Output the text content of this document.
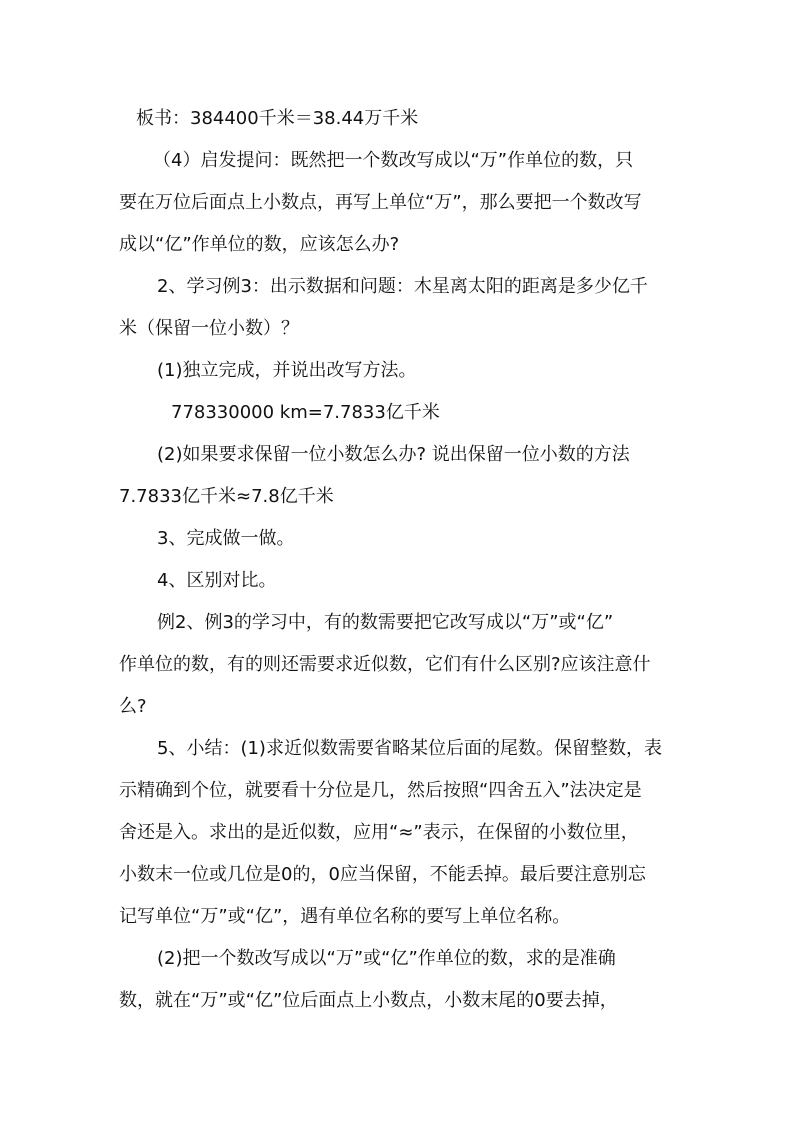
板书：384400千米＝38.44万千米
（4）启发提问：既然把一个数改写成以“万”作单位的数，只
要在万位后面点上小数点，再写上单位“万”，那么要把一个数改写
成以“亿”作单位的数，应该怎么办?
2、学习例3：出示数据和问题：木星离太阳的距离是多少亿千
米（保留一位小数）？
(1)独立完成，并说出改写方法。
778330000 km=7.7833亿千米
(2)如果要求保留一位小数怎么办? 说出保留一位小数的方法
7.7833亿千米≈7.8亿千米
3、完成做一做。
4、区别对比。
例2、例3的学习中，有的数需要把它改写成以“万”或“亿”
作单位的数，有的则还需要求近似数，它们有什么区别?应该注意什
么?
5、小结：(1)求近似数需要省略某位后面的尾数。保留整数，表
示精确到个位，就要看十分位是几，然后按照“四舍五入”法决定是
舍还是入。求出的是近似数，应用“≈”表示，在保留的小数位里，
小数末一位或几位是0的，0应当保留，不能丢掉。最后要注意别忘
记写单位“万”或“亿”，遇有单位名称的要写上单位名称。
(2)把一个数改写成以“万”或“亿”作单位的数，求的是准确
数，就在“万”或“亿”位后面点上小数点，小数末尾的0要去掉，
